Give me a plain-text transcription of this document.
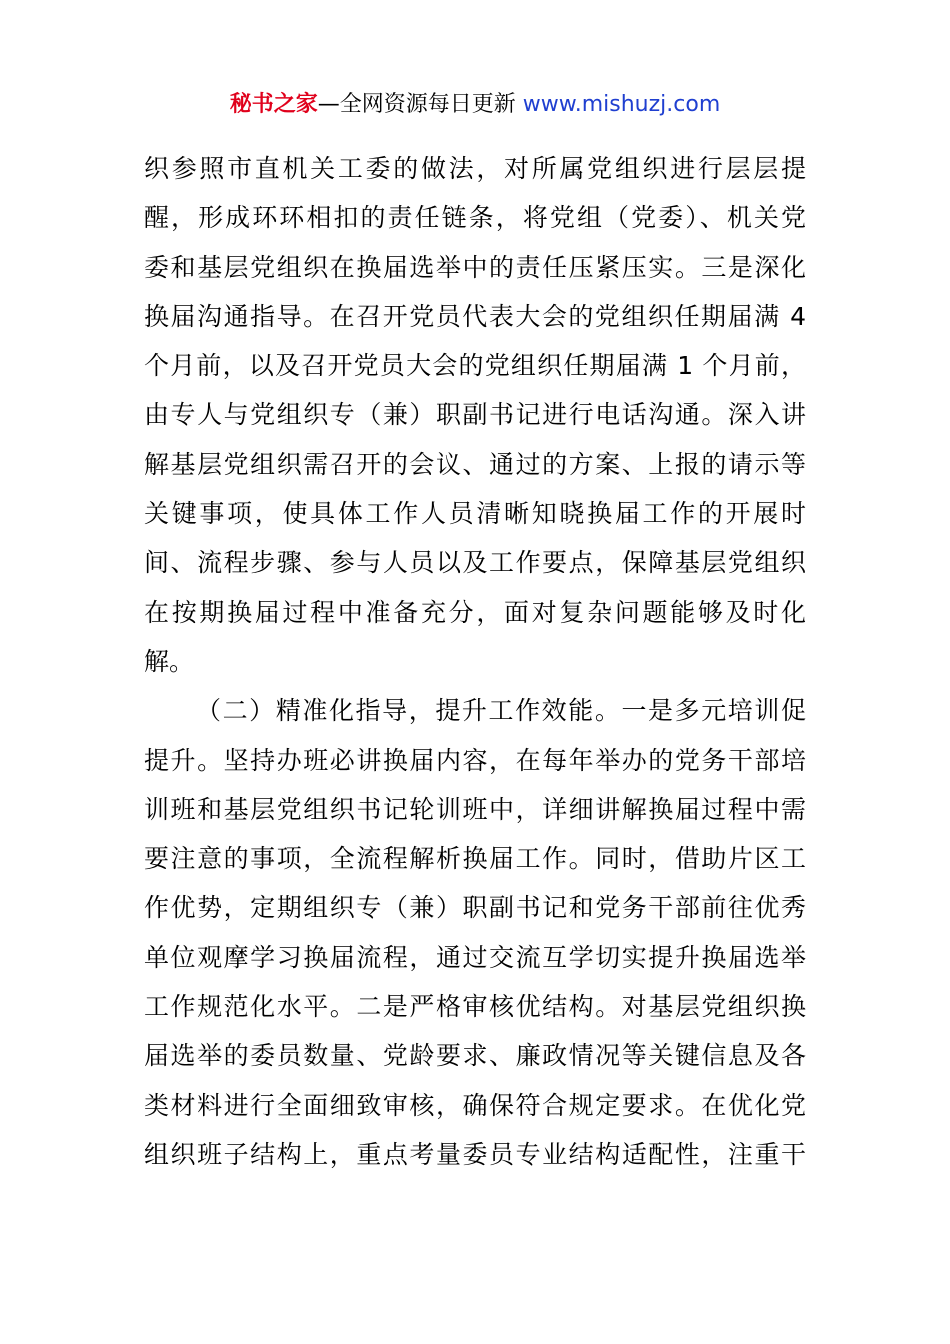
秘书之家—全网资源每日更新 www.mishuzj.com
织参照市直机关工委的做法，对所属党组织进行层层提
醒，形成环环相扣的责任链条，将党组（党委）、机关党
委和基层党组织在换届选举中的责任压紧压实。三是深化
换届沟通指导。在召开党员代表大会的党组织任期届满 4
个月前，以及召开党员大会的党组织任期届满 1 个月前，
由专人与党组织专（兼）职副书记进行电话沟通。深入讲
解基层党组织需召开的会议、通过的方案、上报的请示等
关键事项，使具体工作人员清晰知晓换届工作的开展时
间、流程步骤、参与人员以及工作要点，保障基层党组织
在按期换届过程中准备充分，面对复杂问题能够及时化
解。
（二）精准化指导，提升工作效能。一是多元培训促
提升。坚持办班必讲换届内容，在每年举办的党务干部培
训班和基层党组织书记轮训班中，详细讲解换届过程中需
要注意的事项，全流程解析换届工作。同时，借助片区工
作优势，定期组织专（兼）职副书记和党务干部前往优秀
单位观摩学习换届流程，通过交流互学切实提升换届选举
工作规范化水平。二是严格审核优结构。对基层党组织换
届选举的委员数量、党龄要求、廉政情况等关键信息及各
类材料进行全面细致审核，确保符合规定要求。在优化党
组织班子结构上，重点考量委员专业结构适配性，注重干
